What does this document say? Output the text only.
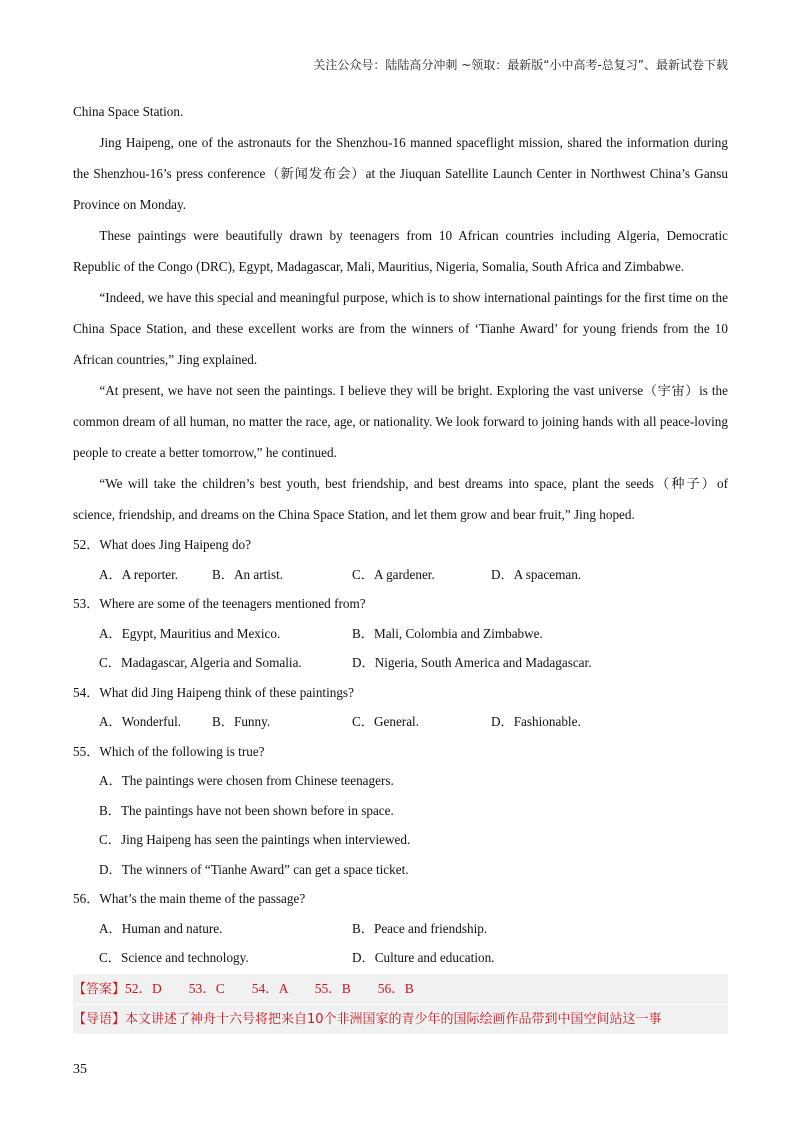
关注公众号：陆陆高分冲刺 ~领取：最新版“小中高考-总复习”、最新试卷下载

China Space Station.

Jing Haipeng, one of the astronauts for the Shenzhou-16 manned spaceflight mission, shared the information during the Shenzhou-16’s press conference（新闻发布会）at the Jiuquan Satellite Launch Center in Northwest China’s Gansu Province on Monday.

These paintings were beautifully drawn by teenagers from 10 African countries including Algeria, Democratic Republic of the Congo (DRC), Egypt, Madagascar, Mali, Mauritius, Nigeria, Somalia, South Africa and Zimbabwe.

“Indeed, we have this special and meaningful purpose, which is to show international paintings for the first time on the China Space Station, and these excellent works are from the winners of ‘Tianhe Award’ for young friends from the 10 African countries,” Jing explained.

“At present, we have not seen the paintings. I believe they will be bright. Exploring the vast universe（宇宙）is the common dream of all human, no matter the race, age, or nationality. We look forward to joining hands with all peace-loving people to create a better tomorrow,” he continued.

“We will take the children’s best youth, best friendship, and best dreams into space, plant the seeds（种子）of science, friendship, and dreams on the China Space Station, and let them grow and bear fruit,” Jing hoped.

52．What does Jing Haipeng do?

A．A reporter.	B．An artist.	C．A gardener.	D．A spaceman.

53．Where are some of the teenagers mentioned from?

A．Egypt, Mauritius and Mexico.	B．Mali, Colombia and Zimbabwe.
C．Madagascar, Algeria and Somalia.	D．Nigeria, South America and Madagascar.

54．What did Jing Haipeng think of these paintings?

A．Wonderful.	B．Funny.	C．General.	D．Fashionable.

55．Which of the following is true?

A．The paintings were chosen from Chinese teenagers.

B．The paintings have not been shown before in space.

C．Jing Haipeng has seen the paintings when interviewed.

D．The winners of “Tianhe Award” can get a space ticket.

56．What’s the main theme of the passage?

A．Human and nature.	B．Peace and friendship.
C．Science and technology.	D．Culture and education.
【答案】52．D　　53．C　　54．A　　55．B　　56．B
【导语】本文讲述了神舟十六号将把来自10个非洲国家的青少年的国际绘画作品带到中国空间站这一事
35
